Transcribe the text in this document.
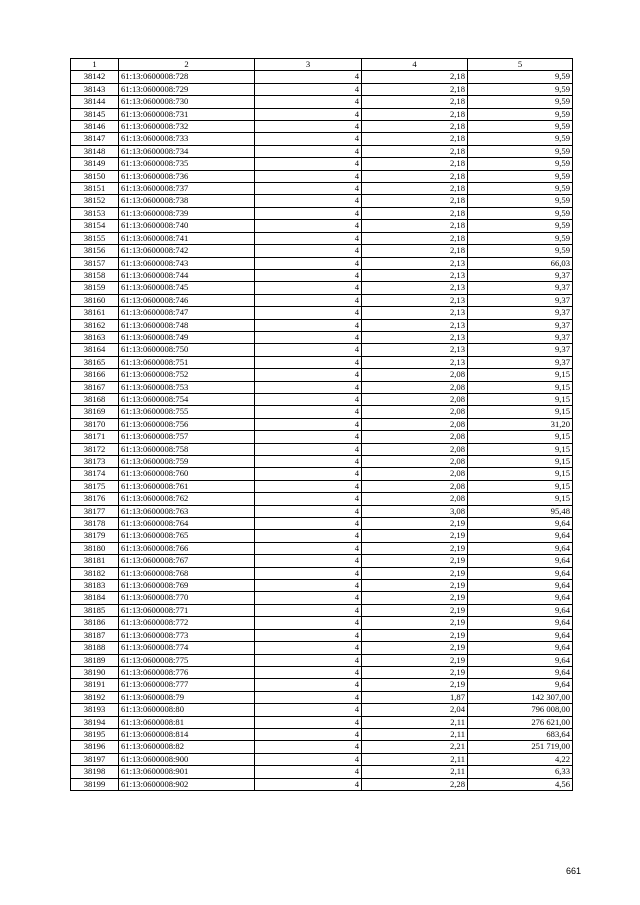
1	2	3	4	5
38142	61:13:0600008:728	4	2,18	9,59
38143	61:13:0600008:729	4	2,18	9,59
38144	61:13:0600008:730	4	2,18	9,59
38145	61:13:0600008:731	4	2,18	9,59
38146	61:13:0600008:732	4	2,18	9,59
38147	61:13:0600008:733	4	2,18	9,59
38148	61:13:0600008:734	4	2,18	9,59
38149	61:13:0600008:735	4	2,18	9,59
38150	61:13:0600008:736	4	2,18	9,59
38151	61:13:0600008:737	4	2,18	9,59
38152	61:13:0600008:738	4	2,18	9,59
38153	61:13:0600008:739	4	2,18	9,59
38154	61:13:0600008:740	4	2,18	9,59
38155	61:13:0600008:741	4	2,18	9,59
38156	61:13:0600008:742	4	2,18	9,59
38157	61:13:0600008:743	4	2,13	66,03
38158	61:13:0600008:744	4	2,13	9,37
38159	61:13:0600008:745	4	2,13	9,37
38160	61:13:0600008:746	4	2,13	9,37
38161	61:13:0600008:747	4	2,13	9,37
38162	61:13:0600008:748	4	2,13	9,37
38163	61:13:0600008:749	4	2,13	9,37
38164	61:13:0600008:750	4	2,13	9,37
38165	61:13:0600008:751	4	2,13	9,37
38166	61:13:0600008:752	4	2,08	9,15
38167	61:13:0600008:753	4	2,08	9,15
38168	61:13:0600008:754	4	2,08	9,15
38169	61:13:0600008:755	4	2,08	9,15
38170	61:13:0600008:756	4	2,08	31,20
38171	61:13:0600008:757	4	2,08	9,15
38172	61:13:0600008:758	4	2,08	9,15
38173	61:13:0600008:759	4	2,08	9,15
38174	61:13:0600008:760	4	2,08	9,15
38175	61:13:0600008:761	4	2,08	9,15
38176	61:13:0600008:762	4	2,08	9,15
38177	61:13:0600008:763	4	3,08	95,48
38178	61:13:0600008:764	4	2,19	9,64
38179	61:13:0600008:765	4	2,19	9,64
38180	61:13:0600008:766	4	2,19	9,64
38181	61:13:0600008:767	4	2,19	9,64
38182	61:13:0600008:768	4	2,19	9,64
38183	61:13:0600008:769	4	2,19	9,64
38184	61:13:0600008:770	4	2,19	9,64
38185	61:13:0600008:771	4	2,19	9,64
38186	61:13:0600008:772	4	2,19	9,64
38187	61:13:0600008:773	4	2,19	9,64
38188	61:13:0600008:774	4	2,19	9,64
38189	61:13:0600008:775	4	2,19	9,64
38190	61:13:0600008:776	4	2,19	9,64
38191	61:13:0600008:777	4	2,19	9,64
38192	61:13:0600008:79	4	1,87	142 307,00
38193	61:13:0600008:80	4	2,04	796 008,00
38194	61:13:0600008:81	4	2,11	276 621,00
38195	61:13:0600008:814	4	2,11	683,64
38196	61:13:0600008:82	4	2,21	251 719,00
38197	61:13:0600008:900	4	2,11	4,22
38198	61:13:0600008:901	4	2,11	6,33
38199	61:13:0600008:902	4	2,28	4,56
661
